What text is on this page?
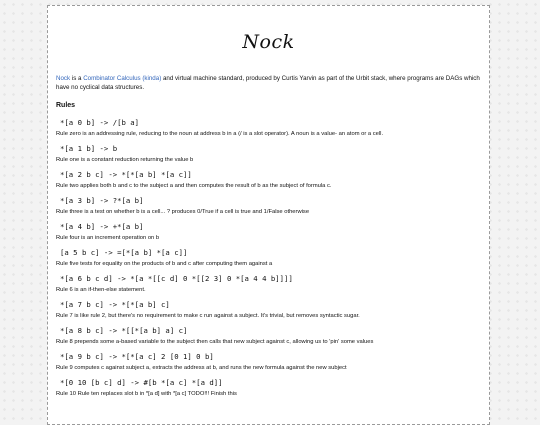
Nock

Nock is a Combinator Calculus (kinda) and virtual machine standard, produced by Curtis Yarvin as part of the Urbit stack, where programs are DAGs which have no cyclical data structures.

Rules
*[a 0 b] -> /[b a]
Rule zero is an addressing rule, reducing to the noun at address b in a (/ is a slot operator). A noun is a value- an atom or a cell.
*[a 1 b] -> b
Rule one is a constant reduction returning the value b
*[a 2 b c] -> *[*[a b] *[a c]]
Rule two applies both b and c to the subject a and then computes the result of b as the subject of formula c.
*[a 3 b] -> ?*[a b]
Rule three is a test on whether b is a cell... ? produces 0/True if a cell is true and 1/False otherwise
*[a 4 b] -> +*[a b]
Rule four is an increment operation on b
[a 5 b c] -> =[*[a b] *[a c]]
Rule five tests for equality on the products of b and c after computing them against a
*[a 6 b c d] -> *[a *[[c d] 0 *[[2 3] 0 *[a 4 4 b]]]]
Rule 6 is an if-then-else statement.
*[a 7 b c] -> *[*[a b] c]
Rule 7 is like rule 2, but there's no requirement to make c run against a subject. It's trivial, but removes syntactic sugar.
*[a 8 b c] -> *[[*[a b] a] c]
Rule 8 prepends some a-based variable to the subject then calls that new subject against c, allowing us to 'pin' some values
*[a 9 b c] -> *[*[a c] 2 [0 1] 0 b]
Rule 9 computes c against subject a, extracts the address at b, and runs the new formula against the new subject
*[0 10 [b c] d] -> #[b *[a c] *[a d]]
Rule 10 Rule ten replaces slot b in *[a d] with *[a c] TODO!!! Finish this
